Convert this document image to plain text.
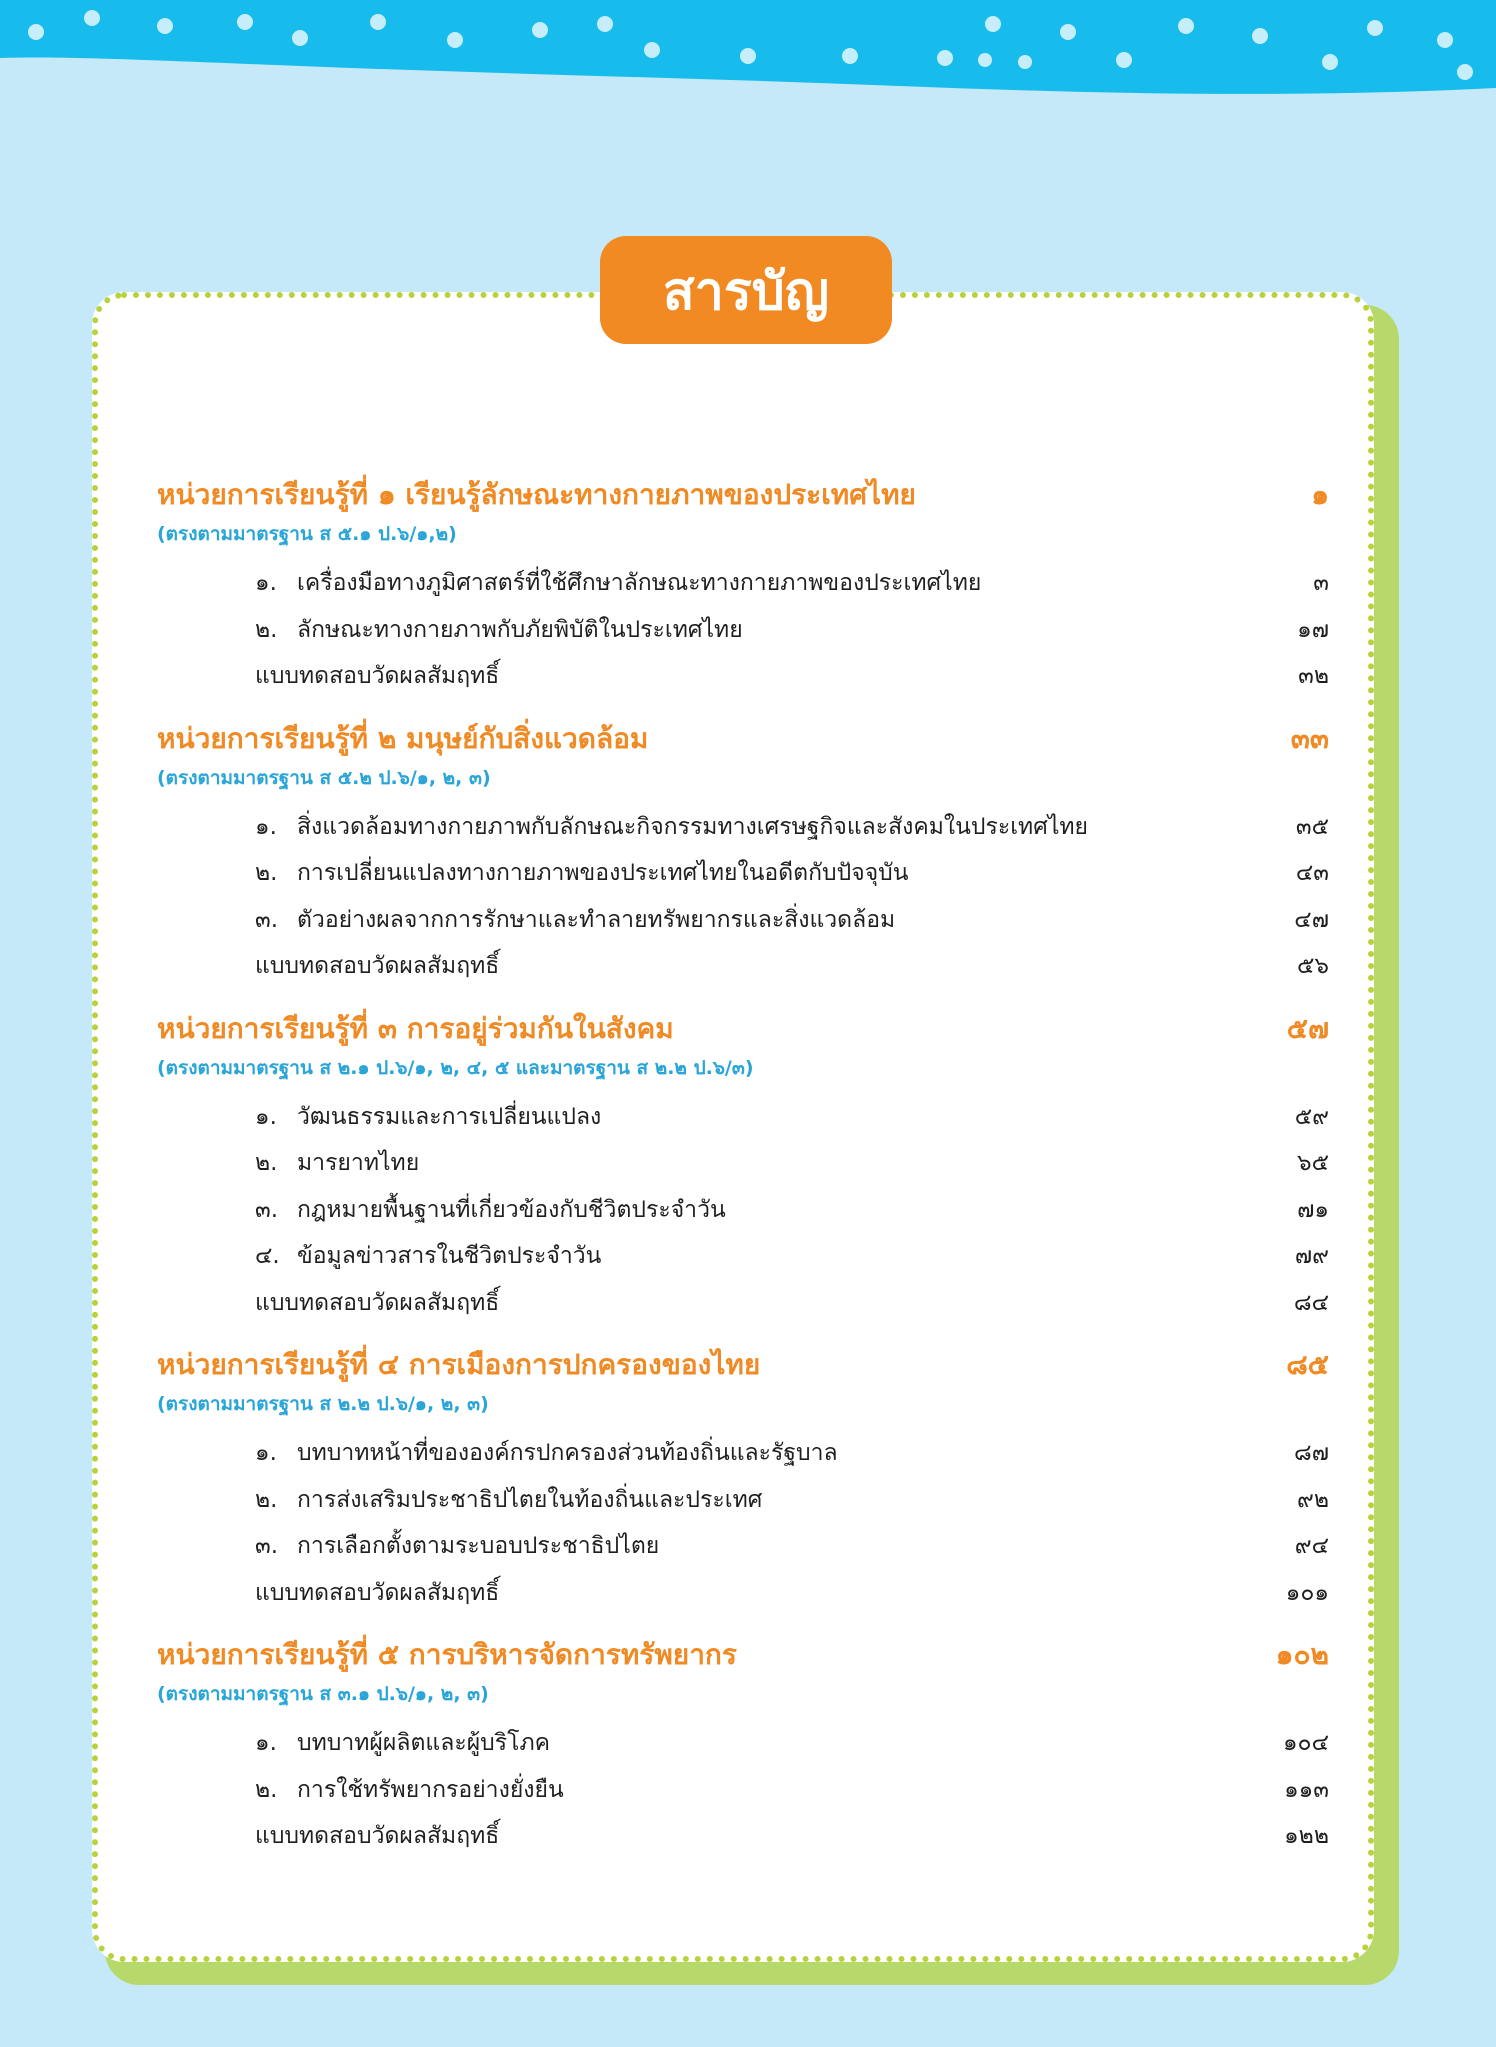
สารบัญ
หน่วยการเรียนรู้ที่ ๑ เรียนรู้ลักษณะทางกายภาพของประเทศไทย	๑
(ตรงตามมาตรฐาน ส ๕.๑ ป.๖/๑,๒)
๑. เครื่องมือทางภูมิศาสตร์ที่ใช้ศึกษาลักษณะทางกายภาพของประเทศไทย	๓
๒. ลักษณะทางกายภาพกับภัยพิบัติในประเทศไทย	๑๗
แบบทดสอบวัดผลสัมฤทธิ์	๓๒
หน่วยการเรียนรู้ที่ ๒ มนุษย์กับสิ่งแวดล้อม	๓๓
(ตรงตามมาตรฐาน ส ๕.๒ ป.๖/๑, ๒, ๓)
๑. สิ่งแวดล้อมทางกายภาพกับลักษณะกิจกรรมทางเศรษฐกิจและสังคมในประเทศไทย	๓๕
๒. การเปลี่ยนแปลงทางกายภาพของประเทศไทยในอดีตกับปัจจุบัน	๔๓
๓. ตัวอย่างผลจากการรักษาและทำลายทรัพยากรและสิ่งแวดล้อม	๔๗
แบบทดสอบวัดผลสัมฤทธิ์	๕๖
หน่วยการเรียนรู้ที่ ๓ การอยู่ร่วมกันในสังคม	๕๗
(ตรงตามมาตรฐาน ส ๒.๑ ป.๖/๑, ๒, ๔, ๕ และมาตรฐาน ส ๒.๒ ป.๖/๓)
๑. วัฒนธรรมและการเปลี่ยนแปลง	๕๙
๒. มารยาทไทย	๖๕
๓. กฎหมายพื้นฐานที่เกี่ยวข้องกับชีวิตประจำวัน	๗๑
๔. ข้อมูลข่าวสารในชีวิตประจำวัน	๗๙
แบบทดสอบวัดผลสัมฤทธิ์	๘๔
หน่วยการเรียนรู้ที่ ๔ การเมืองการปกครองของไทย	๘๕
(ตรงตามมาตรฐาน ส ๒.๒ ป.๖/๑, ๒, ๓)
๑. บทบาทหน้าที่ขององค์กรปกครองส่วนท้องถิ่นและรัฐบาล	๘๗
๒. การส่งเสริมประชาธิปไตยในท้องถิ่นและประเทศ	๙๒
๓. การเลือกตั้งตามระบอบประชาธิปไตย	๙๔
แบบทดสอบวัดผลสัมฤทธิ์	๑๐๑
หน่วยการเรียนรู้ที่ ๕ การบริหารจัดการทรัพยากร	๑๐๒
(ตรงตามมาตรฐาน ส ๓.๑ ป.๖/๑, ๒, ๓)
๑. บทบาทผู้ผลิตและผู้บริโภค	๑๐๔
๒. การใช้ทรัพยากรอย่างยั่งยืน	๑๑๓
แบบทดสอบวัดผลสัมฤทธิ์	๑๒๒
